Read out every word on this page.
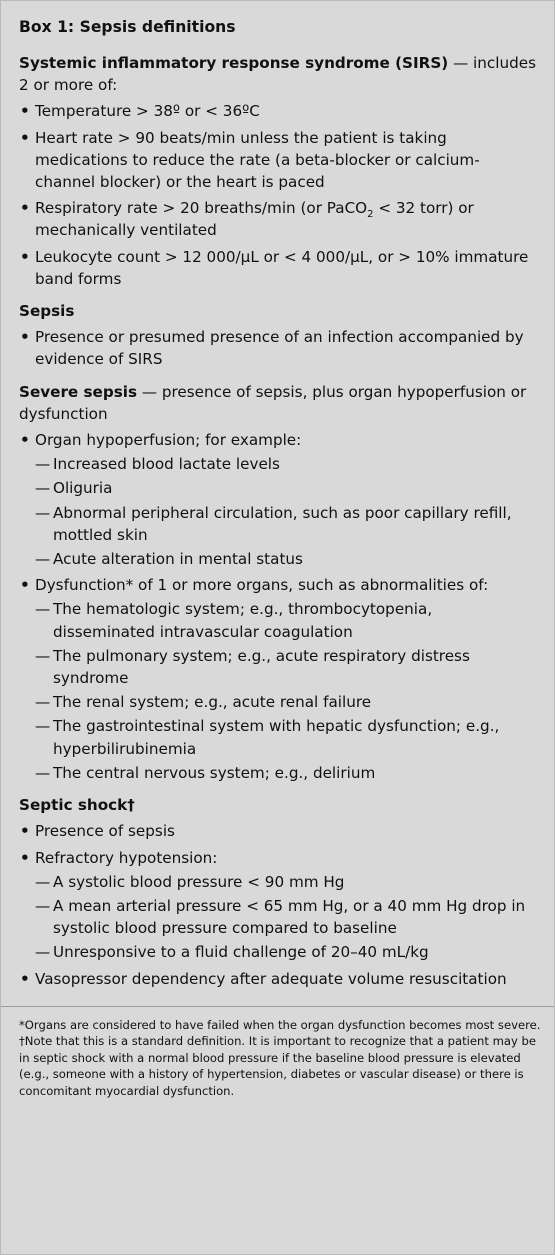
Box 1: Sepsis definitions
Systemic inflammatory response syndrome (SIRS) — includes 2 or more of:
• Temperature > 38º or < 36ºC
• Heart rate > 90 beats/min unless the patient is taking medications to reduce the rate (a beta-blocker or calcium-channel blocker) or the heart is paced
• Respiratory rate > 20 breaths/min (or PaCO$_2$ < 32 torr) or mechanically ventilated
• Leukocyte count > 12 000/µL or < 4 000/µL, or > 10% immature band forms
Sepsis
• Presence or presumed presence of an infection accompanied by evidence of SIRS
Severe sepsis — presence of sepsis, plus organ hypoperfusion or dysfunction
• Organ hypoperfusion; for example:
— Increased blood lactate levels
— Oliguria
— Abnormal peripheral circulation, such as poor capillary refill, mottled skin
— Acute alteration in mental status
• Dysfunction* of 1 or more organs, such as abnormalities of:
— The hematologic system; e.g., thrombocytopenia, disseminated intravascular coagulation
— The pulmonary system; e.g., acute respiratory distress syndrome
— The renal system; e.g., acute renal failure
— The gastrointestinal system with hepatic dysfunction; e.g., hyperbilirubinemia
— The central nervous system; e.g., delirium
Septic shock†
• Presence of sepsis
• Refractory hypotension:
— A systolic blood pressure < 90 mm Hg
— A mean arterial pressure < 65 mm Hg, or a 40 mm Hg drop in systolic blood pressure compared to baseline
— Unresponsive to a fluid challenge of 20–40 mL/kg
• Vasopressor dependency after adequate volume resuscitation

*Organs are considered to have failed when the organ dysfunction becomes most severe.

†Note that this is a standard definition. It is important to recognize that a patient may be in septic shock with a normal blood pressure if the baseline blood pressure is elevated (e.g., someone with a history of hypertension, diabetes or vascular disease) or there is concomitant myocardial dysfunction.
